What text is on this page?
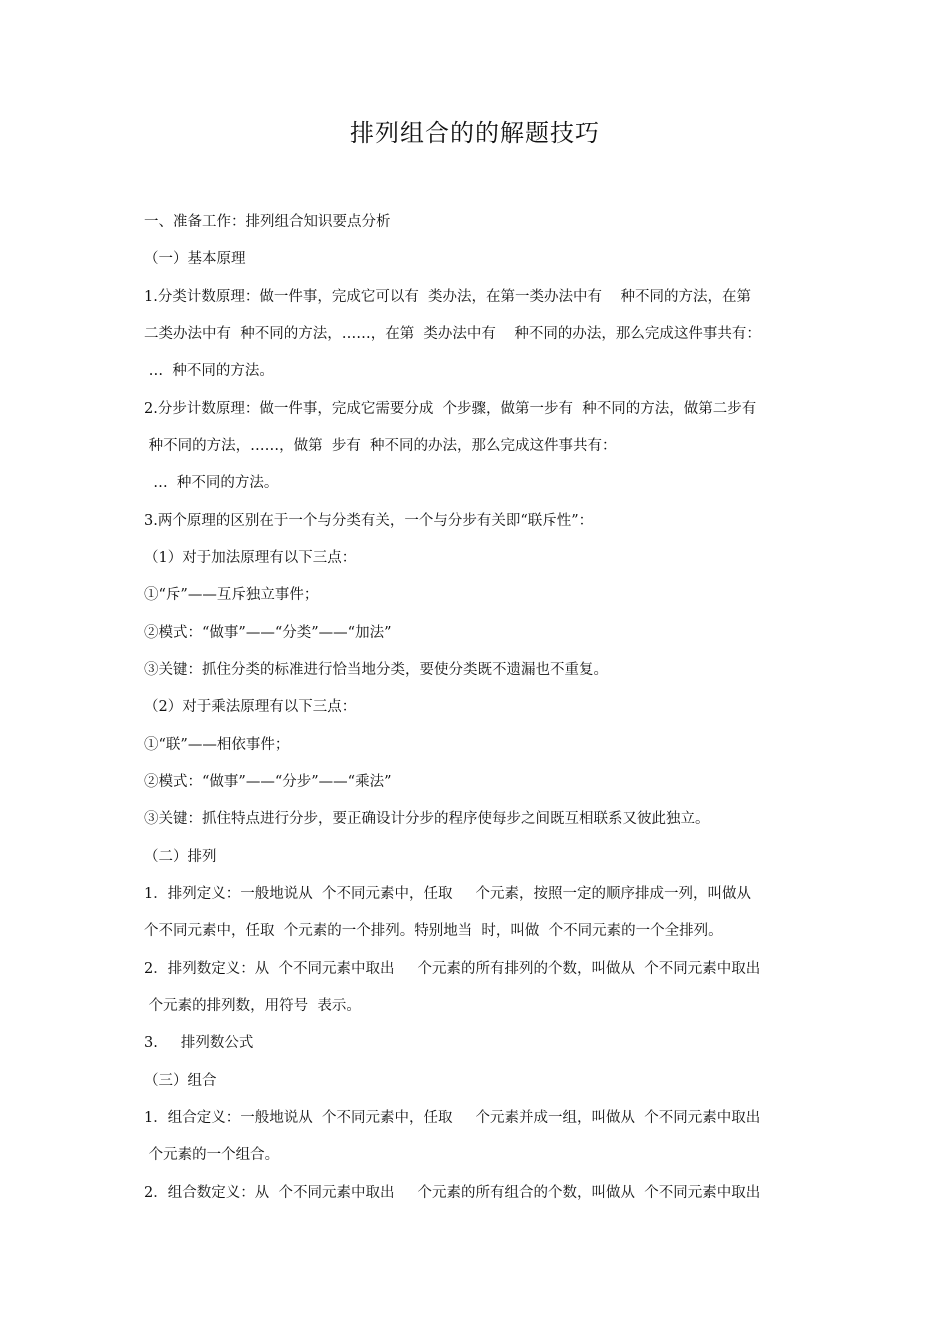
排列组合的的解题技巧
一、准备工作：排列组合知识要点分析
（一）基本原理
1.分类计数原理：做一件事，完成它可以有  类办法，在第一类办法中有    种不同的方法，在第
二类办法中有  种不同的方法，……，在第  类办法中有    种不同的办法，那么完成这件事共有：
…  种不同的方法。
2.分步计数原理：做一件事，完成它需要分成  个步骤，做第一步有  种不同的方法，做第二步有
种不同的方法，……，做第  步有  种不同的办法，那么完成这件事共有：
…  种不同的方法。
3.两个原理的区别在于一个与分类有关，一个与分步有关即“联斥性”：
（1）对于加法原理有以下三点：
①“斥”——互斥独立事件；
②模式：“做事”——“分类”——“加法”
③关键：抓住分类的标准进行恰当地分类，要使分类既不遗漏也不重复。
（2）对于乘法原理有以下三点：
①“联”——相依事件；
②模式：“做事”——“分步”——“乘法”
③关键：抓住特点进行分步，要正确设计分步的程序使每步之间既互相联系又彼此独立。
（二）排列
1．排列定义：一般地说从  个不同元素中，任取     个元素，按照一定的顺序排成一列，叫做从
个不同元素中，任取  个元素的一个排列。特别地当  时，叫做  个不同元素的一个全排列。
2．排列数定义：从  个不同元素中取出     个元素的所有排列的个数，叫做从  个不同元素中取出
个元素的排列数，用符号  表示。
3.     排列数公式
（三）组合
1．组合定义：一般地说从  个不同元素中，任取     个元素并成一组，叫做从  个不同元素中取出
个元素的一个组合。
2．组合数定义：从  个不同元素中取出     个元素的所有组合的个数，叫做从  个不同元素中取出
